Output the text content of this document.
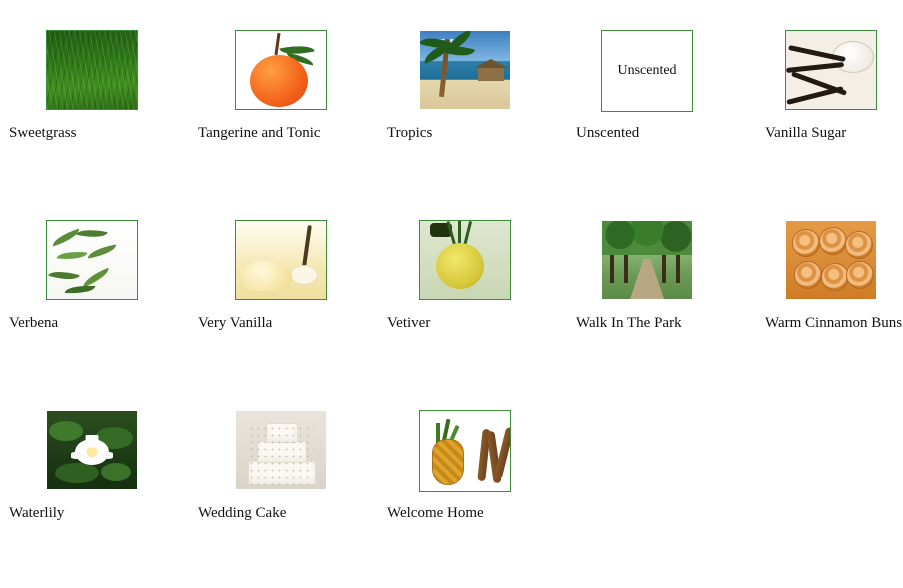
Sweetgrass	Tangerine and Tonic	Tropics
Unscented
Unscented	Vanilla Sugar
Verbena	Very Vanilla	Vetiver	Walk In The Park	Warm Cinnamon Buns
Waterlily	Wedding Cake	Welcome Home
